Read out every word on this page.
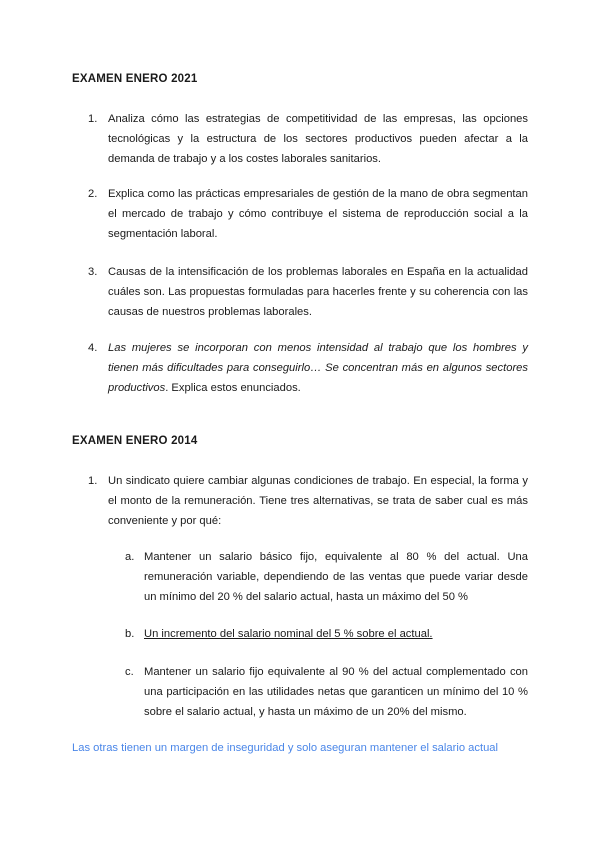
EXAMEN ENERO 2021
1. Analiza cómo las estrategias de competitividad de las empresas, las opciones tecnológicas y la estructura de los sectores productivos pueden afectar a la demanda de trabajo y a los costes laborales sanitarios.
2. Explica como las prácticas empresariales de gestión de la mano de obra segmentan el mercado de trabajo y cómo contribuye el sistema de reproducción social a la segmentación laboral.
3. Causas de la intensificación de los problemas laborales en España en la actualidad cuáles son. Las propuestas formuladas para hacerles frente y su coherencia con las causas de nuestros problemas laborales.
4. Las mujeres se incorporan con menos intensidad al trabajo que los hombres y tienen más dificultades para conseguirlo… Se concentran más en algunos sectores productivos. Explica estos enunciados.
EXAMEN ENERO 2014
1. Un sindicato quiere cambiar algunas condiciones de trabajo. En especial, la forma y el monto de la remuneración. Tiene tres alternativas, se trata de saber cual es más conveniente y por qué:
a. Mantener un salario básico fijo, equivalente al 80 % del actual. Una remuneración variable, dependiendo de las ventas que puede variar desde un mínimo del 20 % del salario actual, hasta un máximo del 50 %
b. Un incremento del salario nominal del 5 % sobre el actual.
c. Mantener un salario fijo equivalente al 90 % del actual complementado con una participación en las utilidades netas que garanticen un mínimo del 10 % sobre el salario actual, y hasta un máximo de un 20% del mismo.
Las otras tienen un margen de inseguridad y solo aseguran mantener el salario actual
